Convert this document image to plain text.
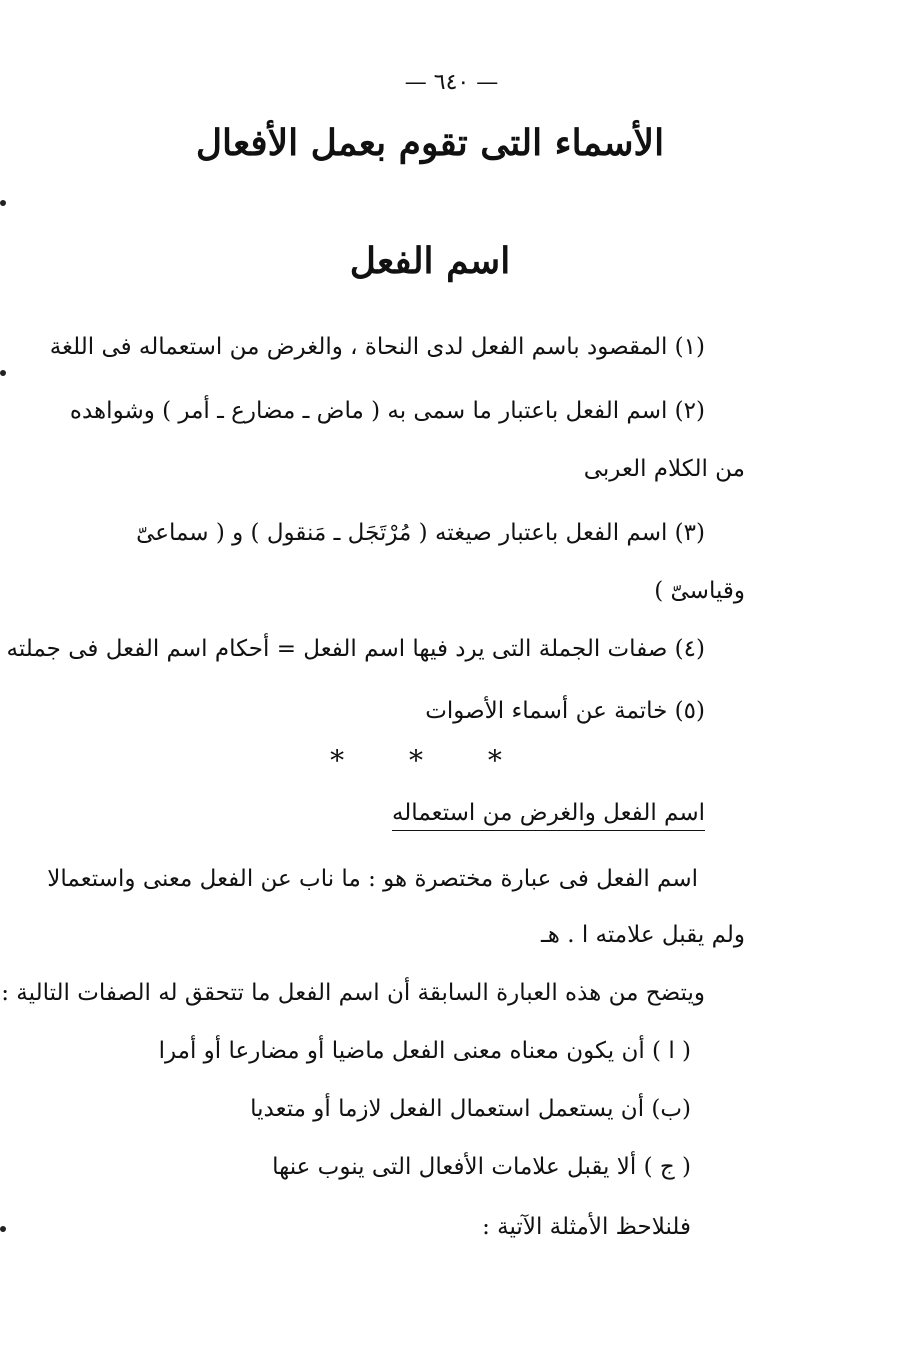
— ٦٤٠ —
الأسماء التى تقوم بعمل الأفعال
اسم الفعل
(١) المقصود باسم الفعل لدى النحاة ، والغرض من استعماله فى اللغة
(٢) اسم الفعل باعتبار ما سمى به ( ماض ـ مضارع ـ أمر ) وشواهده
من الكلام العربى
(٣) اسم الفعل باعتبار صيغته ( مُرْتَجَل ـ مَنقول ) و ( سماعىّ
وقياسىّ )
(٤) صفات الجملة التى يرد فيها اسم الفعل = أحكام اسم الفعل فى جملته
(٥) خاتمة عن أسماء الأصوات
* * *
اسم الفعل والغرض من استعماله
اسم الفعل فى عبارة مختصرة هو : ما ناب عن الفعل معنى واستعمالا
ولم يقبل علامته ا . هـ
ويتضح من هذه العبارة السابقة أن اسم الفعل ما تتحقق له الصفات التالية :
( ا ) أن يكون معناه معنى الفعل ماضيا أو مضارعا أو أمرا
(ب) أن يستعمل استعمال الفعل لازما أو متعديا
( ج ) ألا يقبل علامات الأفعال التى ينوب عنها
فلنلاحظ الأمثلة الآتية :
